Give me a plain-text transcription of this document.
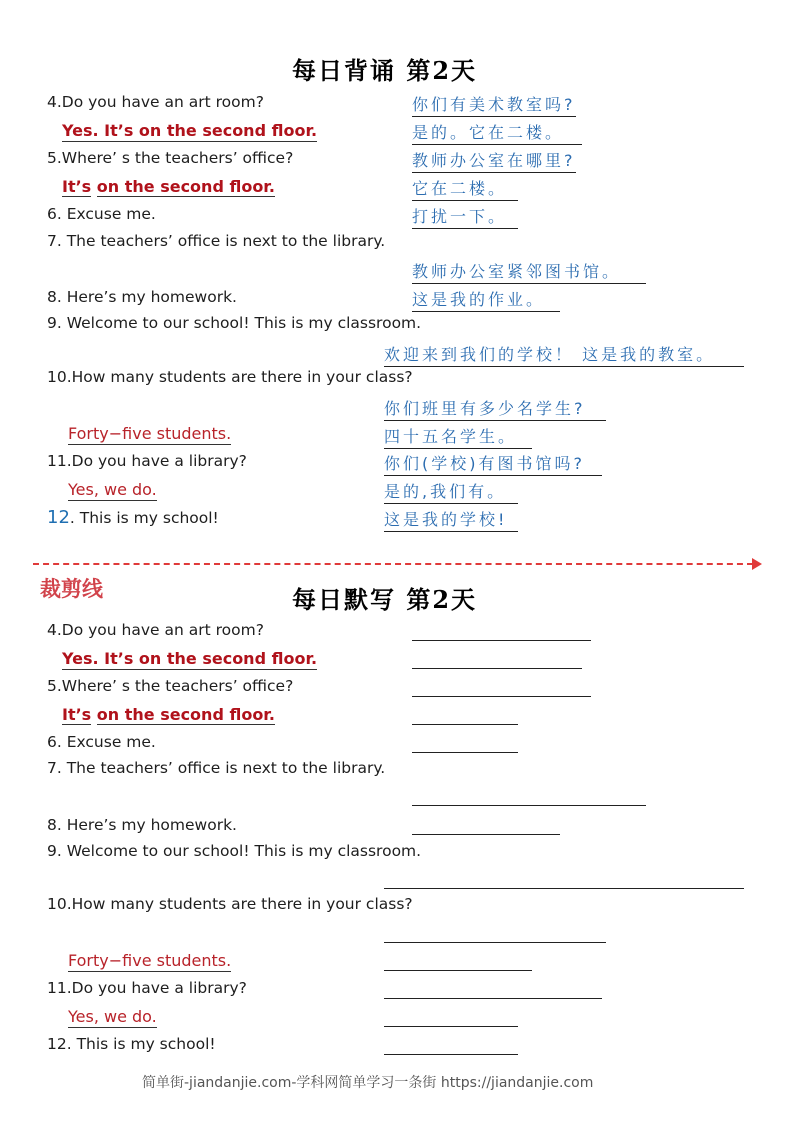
每日背诵 第2天
4.Do you have an art room?	你们有美术教室吗?
Yes. It’s on the second floor.	是的。它在二楼。
5.Where’ s the teachers’ office?	教师办公室在哪里?
It’s on the second floor.	它在二楼。
6. Excuse me.	打扰一下。
7. The teachers’ office is next to the library.
教师办公室紧邻图书馆。
8. Here’s my homework.	这是我的作业。
9. Welcome to our school! This is my classroom.
欢迎来到我们的学校！ 这是我的教室。
10.How many students are there in your class?
你们班里有多少名学生?
Forty−five students.	四十五名学生。
11.Do you have a library?	你们(学校)有图书馆吗?
Yes, we do.	是的,我们有。
12. This is my school!	这是我的学校!
裁剪线	每日默写 第2天
4.Do you have an art room?
Yes. It’s on the second floor.
5.Where’ s the teachers’ office?
It’s on the second floor.
6. Excuse me.
7. The teachers’ office is next to the library.
8. Here’s my homework.
9. Welcome to our school! This is my classroom.
10.How many students are there in your class?
Forty−five students.
11.Do you have a library?
Yes, we do.
12. This is my school!
简单街-jiandanjie.com-学科网简单学习一条街 https://jiandanjie.com
